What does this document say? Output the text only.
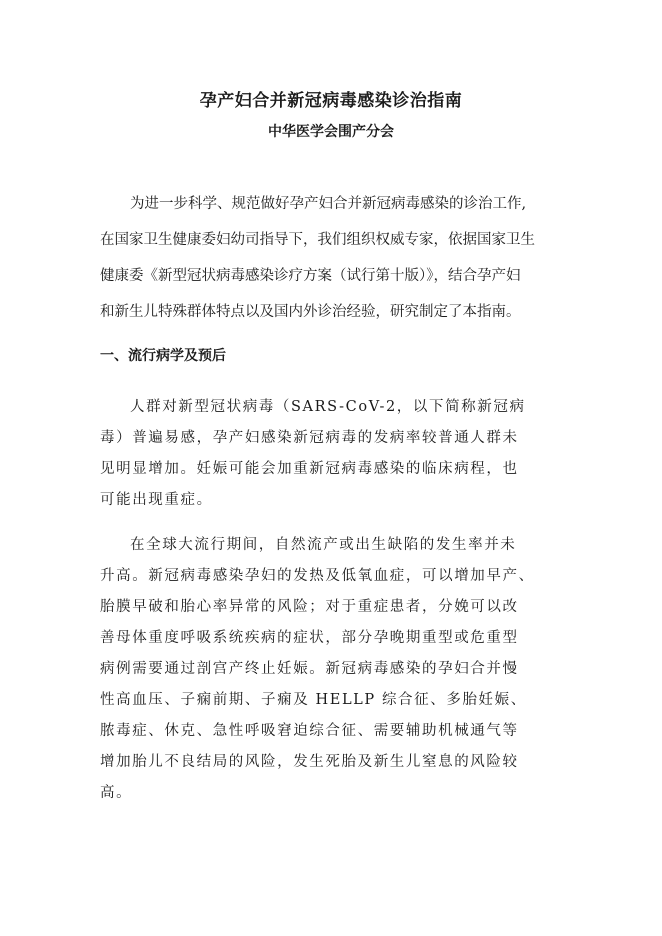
孕产妇合并新冠病毒感染诊治指南
中华医学会围产分会
为进一步科学、规范做好孕产妇合并新冠病毒感染的诊治工作,
在国家卫生健康委妇幼司指导下，我们组织权威专家，依据国家卫生
健康委《新型冠状病毒感染诊疗方案（试行第十版）》，结合孕产妇
和新生儿特殊群体特点以及国内外诊治经验，研究制定了本指南。
一、流行病学及预后
人群对新型冠状病毒（SARS-CoV-2，以下简称新冠病
毒）普遍易感，孕产妇感染新冠病毒的发病率较普通人群未
见明显增加。妊娠可能会加重新冠病毒感染的临床病程，也
可能出现重症。
在全球大流行期间，自然流产或出生缺陷的发生率并未
升高。新冠病毒感染孕妇的发热及低氧血症，可以增加早产、
胎膜早破和胎心率异常的风险；对于重症患者，分娩可以改
善母体重度呼吸系统疾病的症状，部分孕晚期重型或危重型
病例需要通过剖宫产终止妊娠。新冠病毒感染的孕妇合并慢
性高血压、子痫前期、子痫及 HELLP 综合征、多胎妊娠、
脓毒症、休克、急性呼吸窘迫综合征、需要辅助机械通气等
增加胎儿不良结局的风险，发生死胎及新生儿窒息的风险较
高。
